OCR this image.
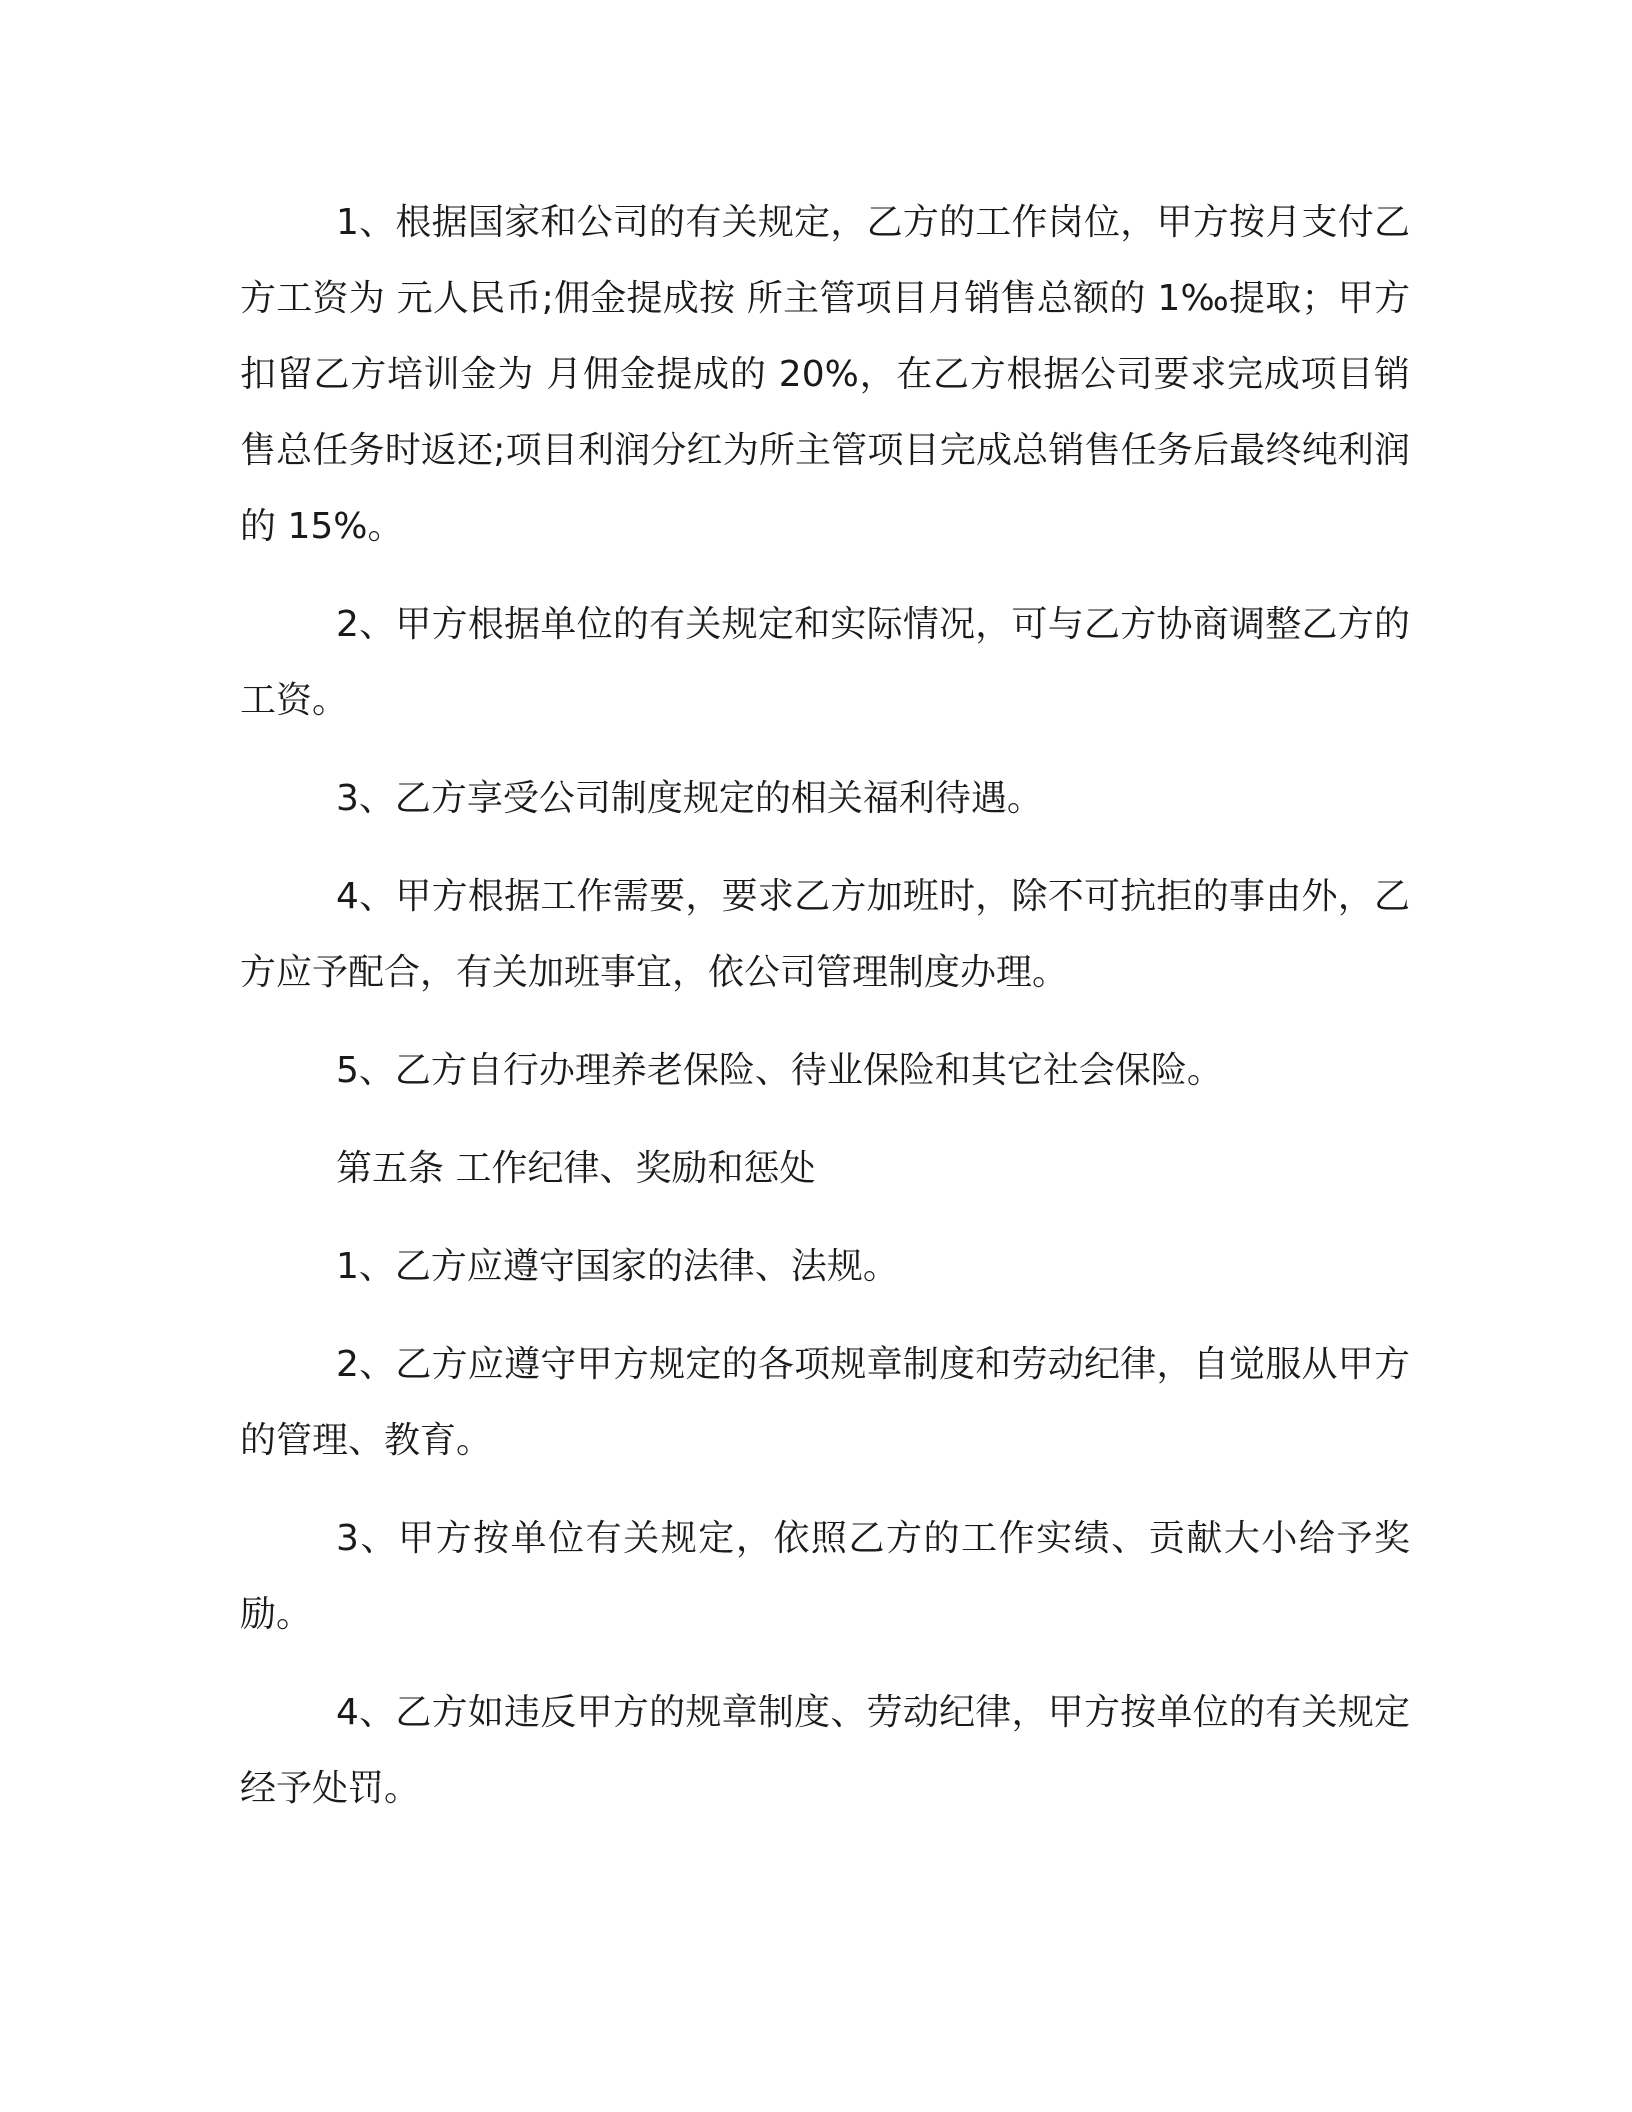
1、根据国家和公司的有关规定，乙方的工作岗位，甲方按月支付乙方工资为 元人民币;佣金提成按 所主管项目月销售总额的 1‰提取；甲方扣留乙方培训金为 月佣金提成的 20%，在乙方根据公司要求完成项目销售总任务时返还;项目利润分红为所主管项目完成总销售任务后最终纯利润的 15%。

2、甲方根据单位的有关规定和实际情况，可与乙方协商调整乙方的工资。

3、乙方享受公司制度规定的相关福利待遇。

4、甲方根据工作需要，要求乙方加班时，除不可抗拒的事由外，乙方应予配合，有关加班事宜，依公司管理制度办理。

5、乙方自行办理养老保险、待业保险和其它社会保险。

第五条 工作纪律、奖励和惩处

1、乙方应遵守国家的法律、法规。

2、乙方应遵守甲方规定的各项规章制度和劳动纪律，自觉服从甲方的管理、教育。

3、甲方按单位有关规定，依照乙方的工作实绩、贡献大小给予奖励。

4、乙方如违反甲方的规章制度、劳动纪律，甲方按单位的有关规定经予处罚。
